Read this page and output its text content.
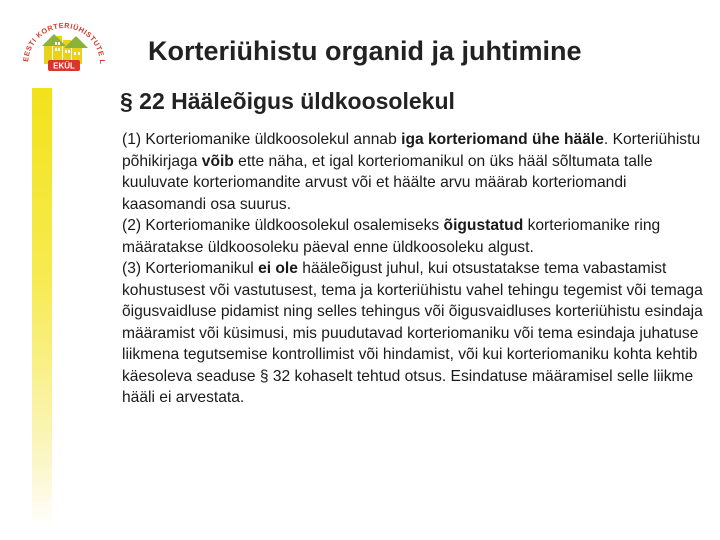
EESTI KORTERIÜHISTUTE L
EKÜL	Korteriühistu organid ja juhtimine
§ 22 Hääleõigus üldkoosolekul

(1) Korteriomanike üldkoosolekul annab iga korteriomand ühe hääle. Korteriühistu põhikirjaga võib ette näha, et igal korteriomanikul on üks hääl sõltumata talle kuuluvate korteriomandite arvust või et häälte arvu määrab korteriomandi kaasomandi osa suurus.

(2) Korteriomanike üldkoosolekul osalemiseks õigustatud korteriomanike ring määratakse üldkoosoleku päeval enne üldkoosoleku algust.

(3) Korteriomanikul ei ole hääleõigust juhul, kui otsustatakse tema vabastamist kohustusest või vastutusest, tema ja korteriühistu vahel tehingu tegemist või temaga õigusvaidluse pidamist ning selles tehingus või õigusvaidluses korteriühistu esindaja määramist või küsimusi, mis puudutavad korteriomaniku või tema esindaja juhatuse liikmena tegutsemise kontrollimist või hindamist, või kui korteriomaniku kohta kehtib käesoleva seaduse § 32 kohaselt tehtud otsus. Esindatuse määramisel selle liikme hääli ei arvestata.
